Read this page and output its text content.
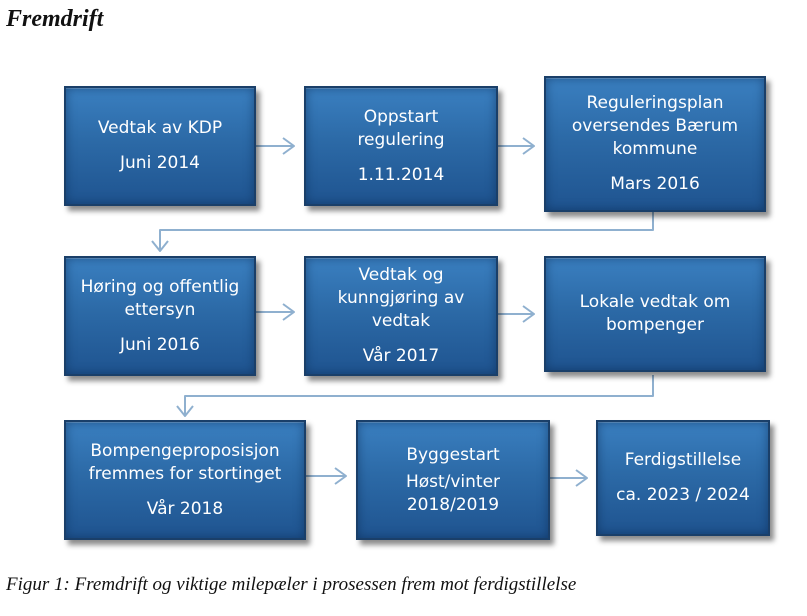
Fremdrift
Vedtak av KDP
Juni 2014
Oppstart regulering
1.11.2014
Reguleringsplan oversendes Bærum kommune
Mars 2016
Høring og offentlig ettersyn
Juni 2016
Vedtak og kunngjøring av vedtak
Vår 2017
Lokale vedtak om bompenger
Bompengeproposisjon fremmes for stortinget
Vår 2018
Byggestart
Høst/vinter 2018/2019
Ferdigstillelse
ca. 2023 / 2024
Figur 1: Fremdrift og viktige milepæler i prosessen frem mot ferdigstillelse
